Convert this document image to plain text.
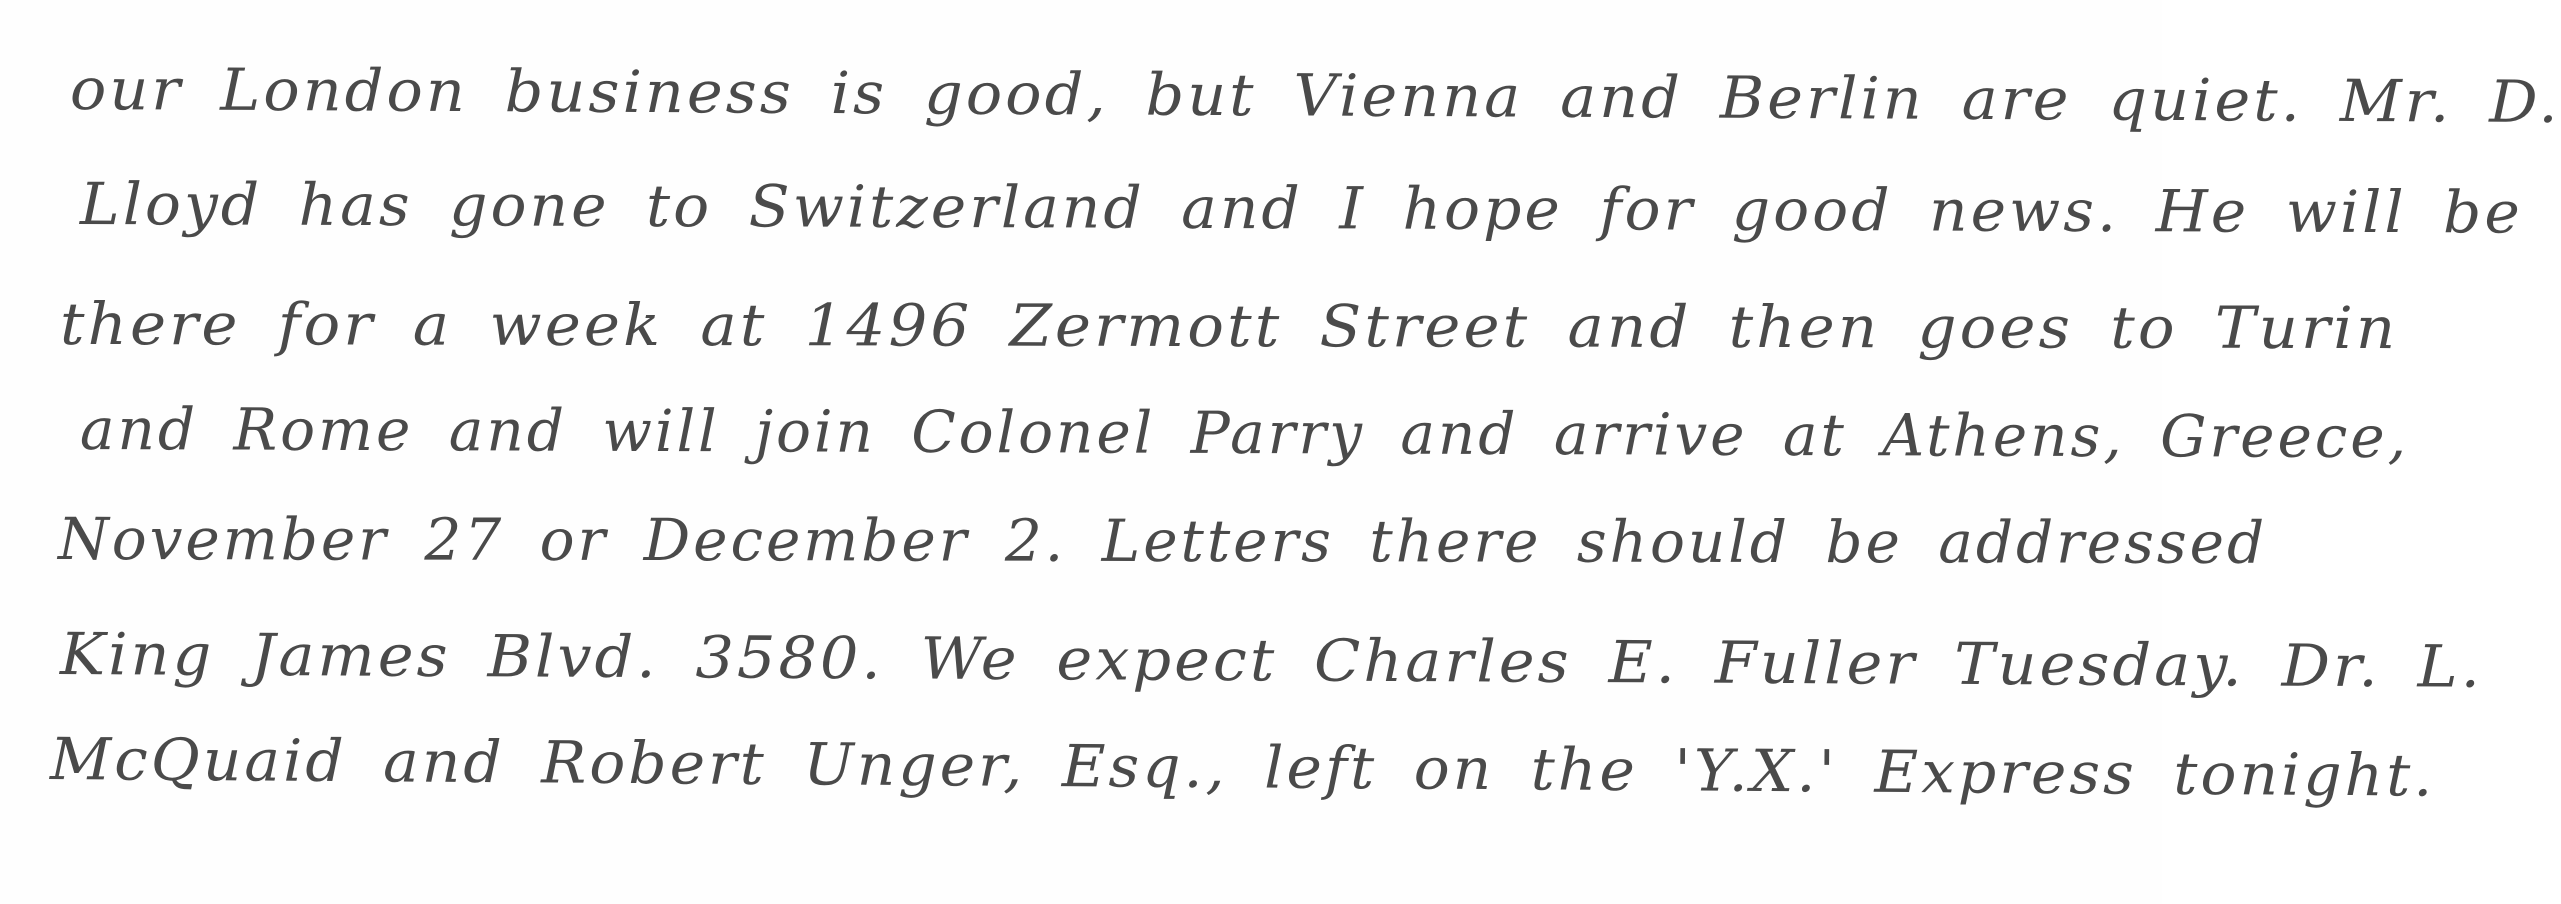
our London business is good, but Vienna and Berlin are quiet. Mr. D.
Lloyd has gone to Switzerland and I hope for good news. He will be
there for a week at 1496 Zermott Street and then goes to Turin
and Rome and will join Colonel Parry and arrive at Athens, Greece,
November 27 or December 2. Letters there should be addressed
King James Blvd. 3580. We expect Charles E. Fuller Tuesday. Dr. L.
McQuaid and Robert Unger, Esq., left on the 'Y.X.' Express tonight.
